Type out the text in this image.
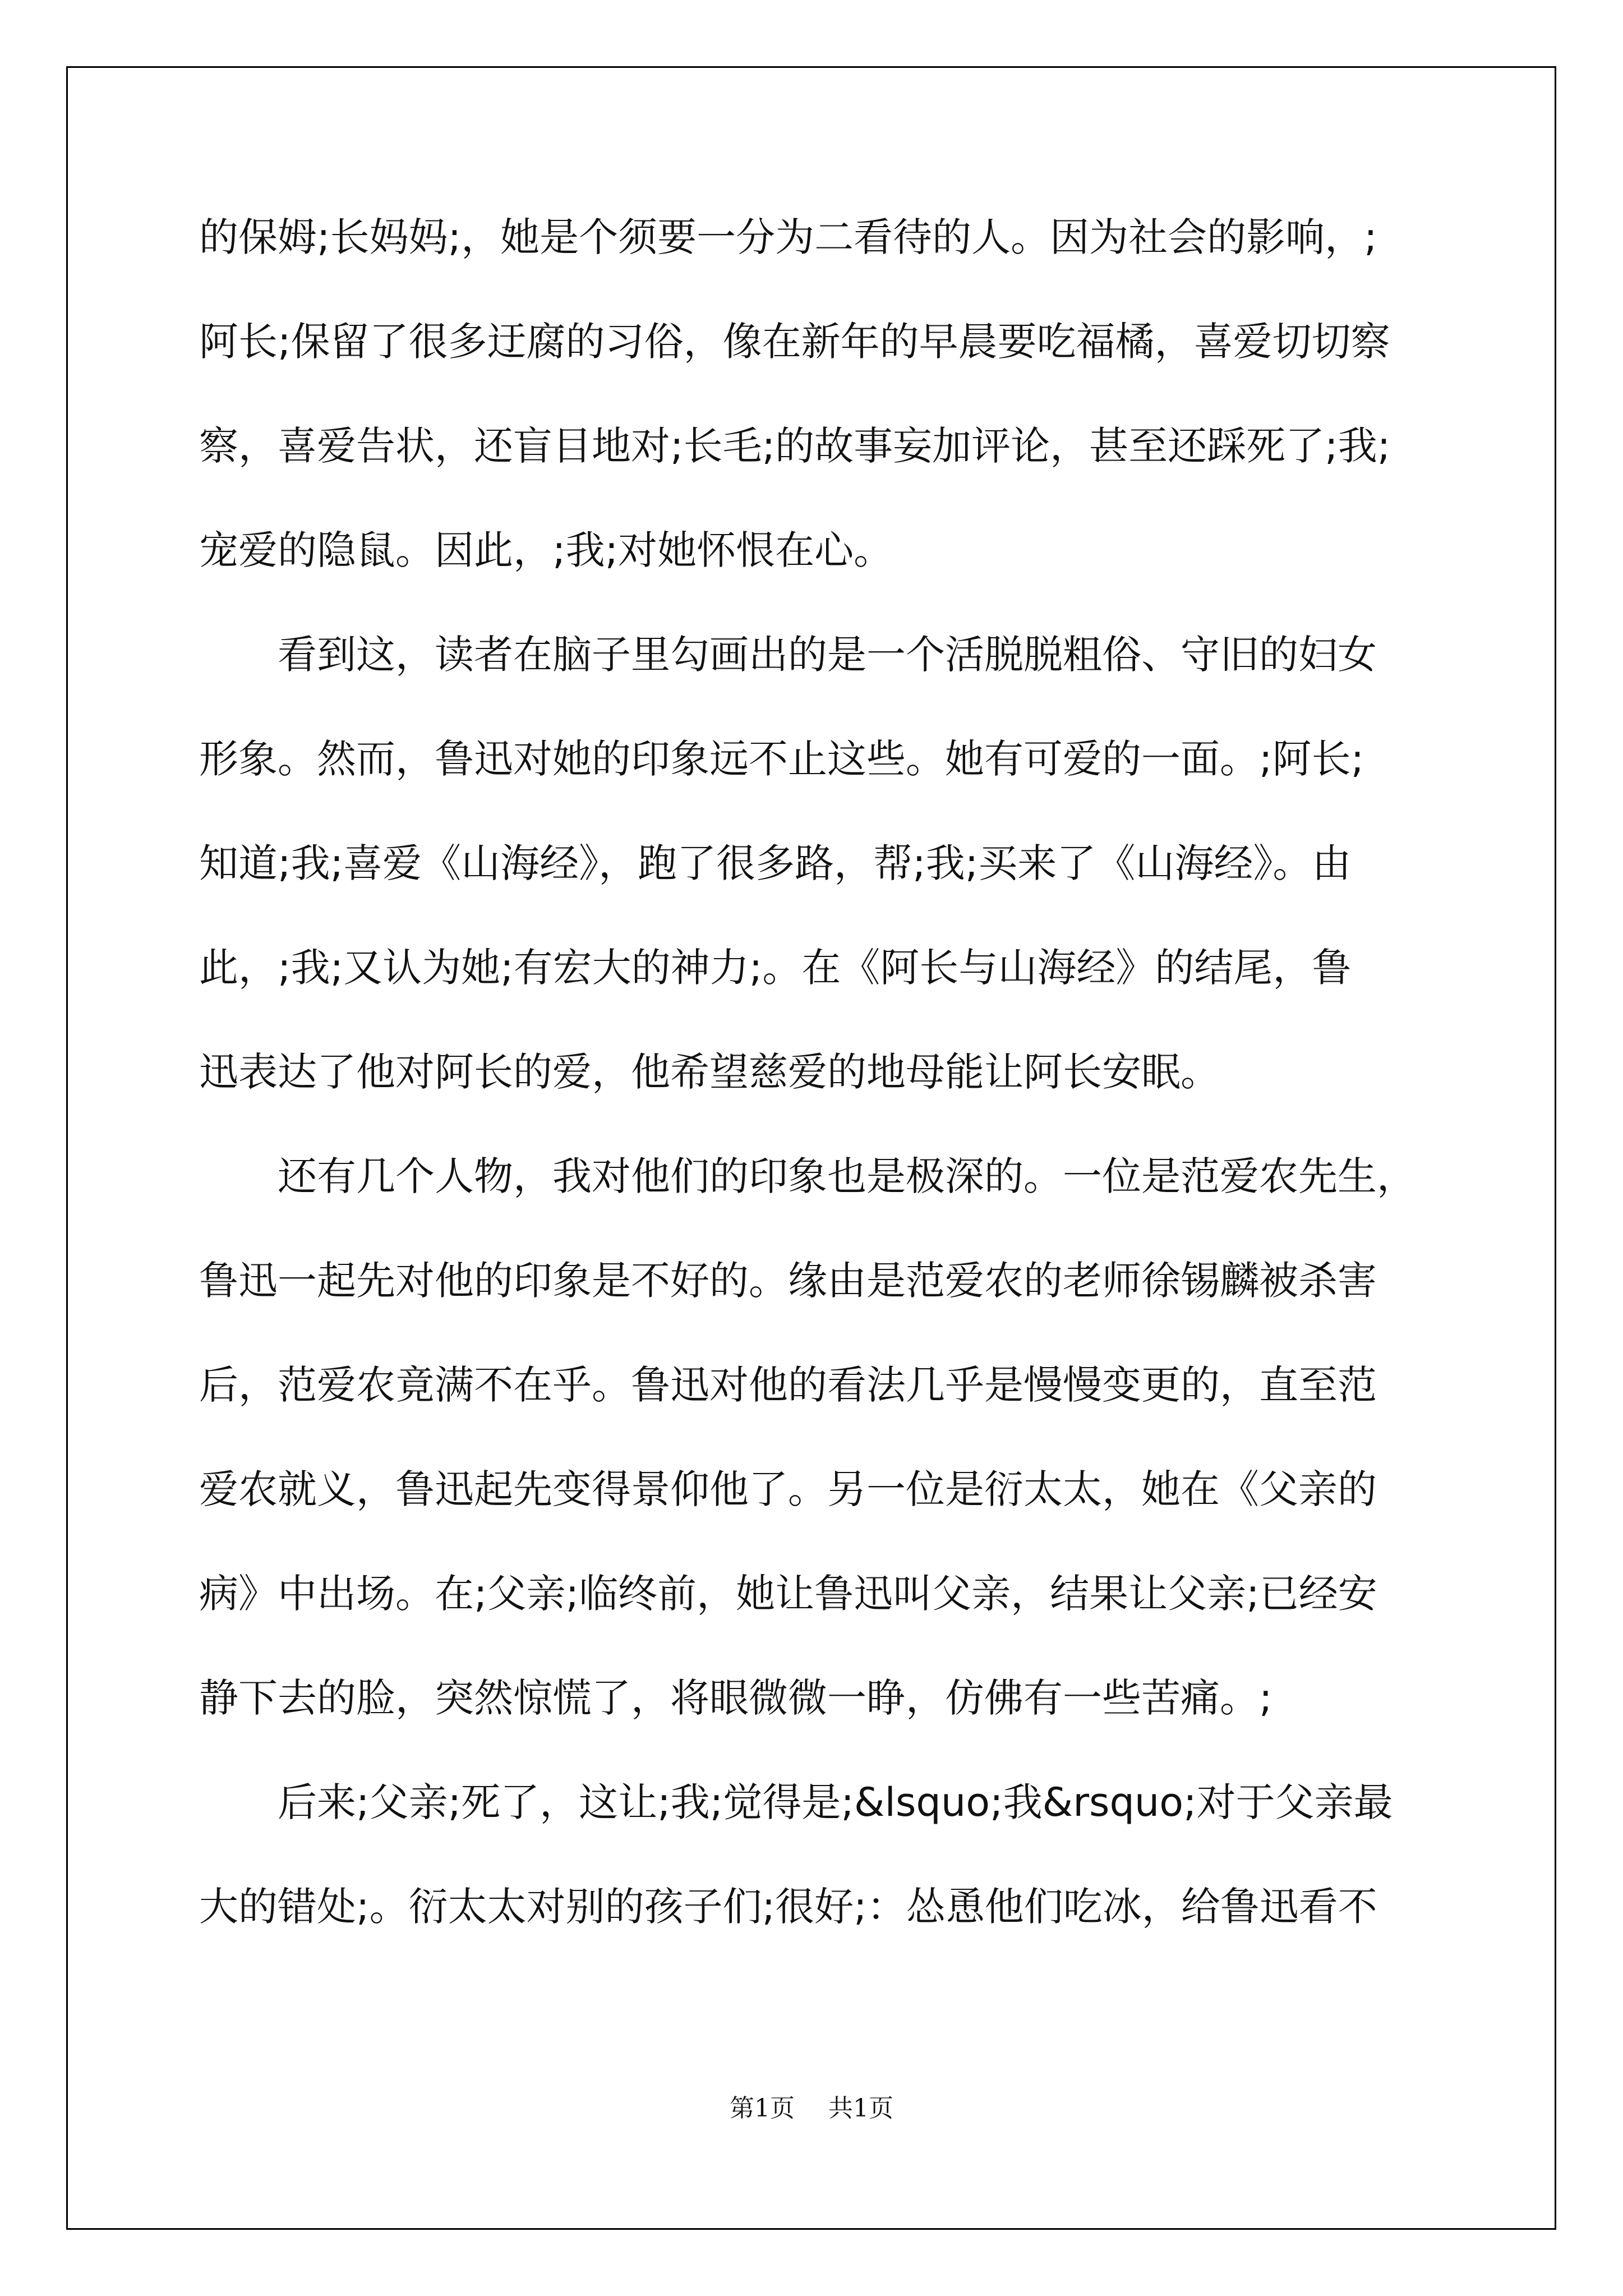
的保姆;长妈妈;，她是个须要一分为二看待的人。因为社会的影响，;
阿长;保留了很多迂腐的习俗，像在新年的早晨要吃福橘，喜爱切切察
察，喜爱告状，还盲目地对;长毛;的故事妄加评论，甚至还踩死了;我;
宠爱的隐鼠。因此，;我;对她怀恨在心。
看到这，读者在脑子里勾画出的是一个活脱脱粗俗、守旧的妇女
形象。然而，鲁迅对她的印象远不止这些。她有可爱的一面。;阿长;
知道;我;喜爱《山海经》，跑了很多路，帮;我;买来了《山海经》。由
此，;我;又认为她;有宏大的神力;。在《阿长与山海经》的结尾，鲁
迅表达了他对阿长的爱，他希望慈爱的地母能让阿长安眠。
还有几个人物，我对他们的印象也是极深的。一位是范爱农先生，
鲁迅一起先对他的印象是不好的。缘由是范爱农的老师徐锡麟被杀害
后，范爱农竟满不在乎。鲁迅对他的看法几乎是慢慢变更的，直至范
爱农就义，鲁迅起先变得景仰他了。另一位是衍太太，她在《父亲的
病》中出场。在;父亲;临终前，她让鲁迅叫父亲，结果让父亲;已经安
静下去的脸，突然惊慌了，将眼微微一睁，仿佛有一些苦痛。;
后来;父亲;死了，这让;我;觉得是;&lsquo;我&rsquo;对于父亲最
大的错处;。衍太太对别的孩子们;很好;：怂恿他们吃冰，给鲁迅看不
第1页 共1页
